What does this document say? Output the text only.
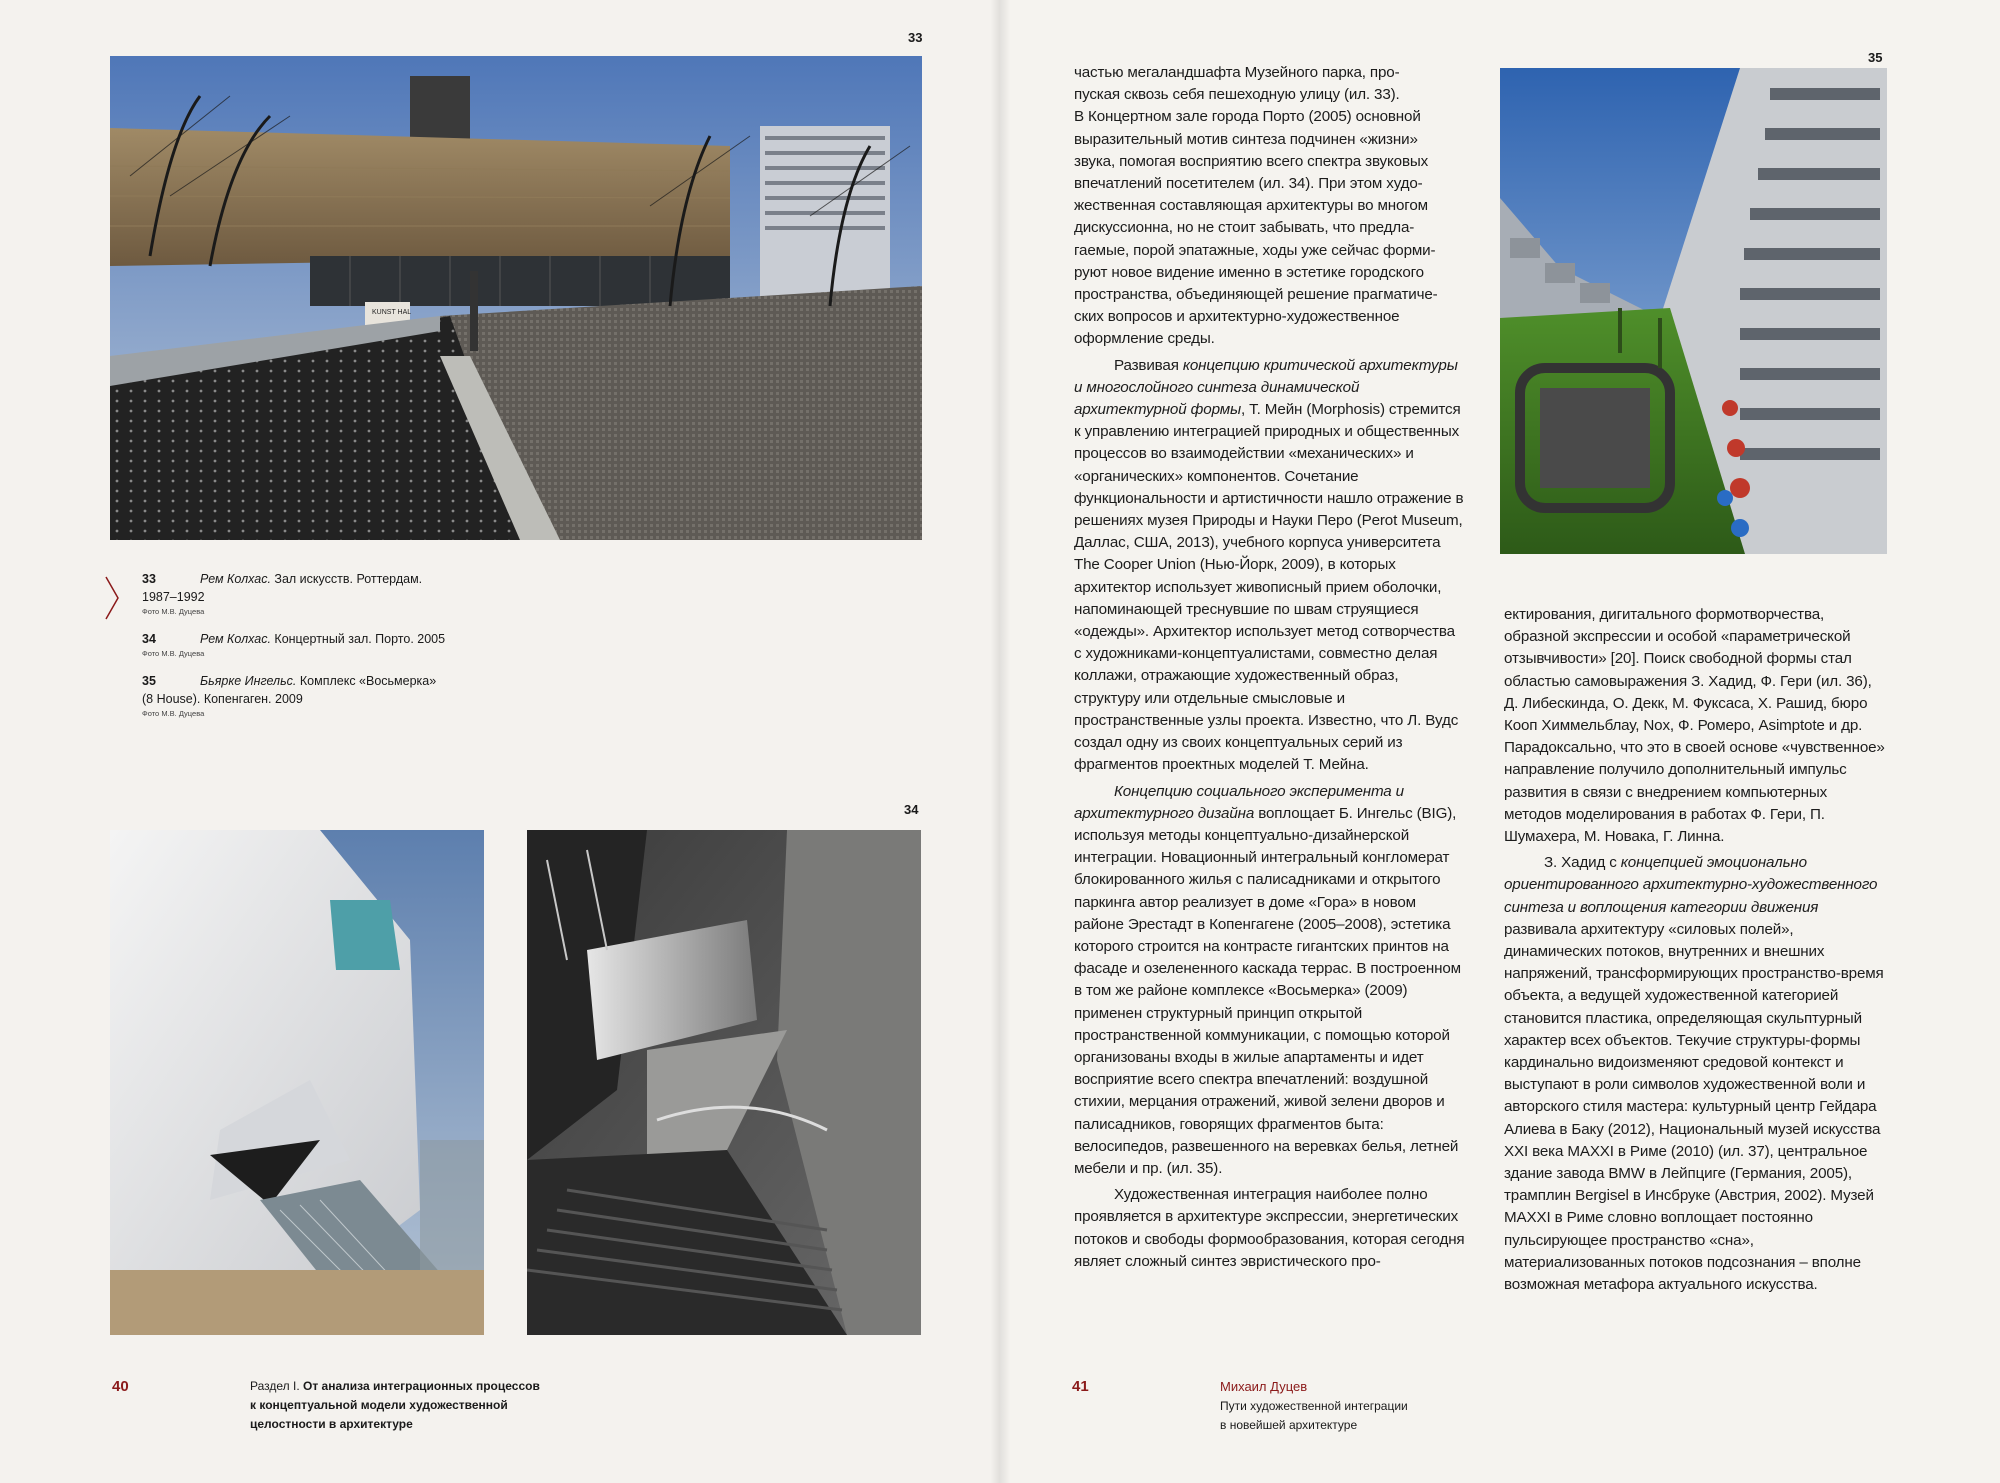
33
KUNST HAL
33	Рем Колхас. Зал искусств. Роттердам.
1987–1992
Фото М.В. Дуцева
34	Рем Колхас. Концертный зал. Порто. 2005
Фото М.В. Дуцева
35	Бьярке Ингельс. Комплекс «Восьмерка»
(8 House). Копенгаген. 2009
Фото М.В. Дуцева
34
40	Раздел I. От анализа интеграционных процессов
к концептуальной модели художественной
целостности в архитектуре

частью мегаландшафта Музейного парка, про-
пуская сквозь себя пешеходную улицу (ил. 33).
В Концертном зале города Порто (2005) основной
выразительный мотив синтеза подчинен «жизни»
звука, помогая восприятию всего спектра звуковых
впечатлений посетителем (ил. 34). При этом худо-
жественная составляющая архитектуры во многом
дискуссионна, но не стоит забывать, что предла-
гаемые, порой эпатажные, ходы уже сейчас форми-
руют новое видение именно в эстетике городского
пространства, объединяющей решение прагматиче-
ских вопросов и архитектурно-художественное
оформление среды.

Развивая концепцию критической архитектуры и многослойного синтеза динамической архитектурной формы, Т. Мейн (Morphosis) стремится к управлению интеграцией природных и общественных процессов во взаимодействии «механических» и «органических» компонентов. Сочетание функциональности и артистичности нашло отражение в решениях музея Природы и Науки Перо (Perot Museum, Даллас, США, 2013), учебного корпуса университета The Cooper Union (Нью-Йорк, 2009), в которых архитектор использует живописный прием оболочки, напоминающей треснувшие по швам струящиеся «одежды». Архитектор использует метод сотворчества с художниками-концептуалистами, совместно делая коллажи, отражающие художественный образ, структуру или отдельные смысловые и пространственные узлы проекта. Известно, что Л. Вудс создал одну из своих концептуальных серий из фрагментов проектных моделей Т. Мейна.

Концепцию социального эксперимента и архитектурного дизайна воплощает Б. Ингельс (BIG), используя методы концептуально-дизайнерской интеграции. Новационный интегральный конгломерат блокированного жилья с палисадниками и открытого паркинга автор реализует в доме «Гора» в новом районе Эрестадт в Копенгагене (2005–2008), эстетика которого строится на контрасте гигантских принтов на фасаде и озелененного каскада террас. В построенном в том же районе комплексе «Восьмерка» (2009) применен структурный принцип открытой пространственной коммуникации, с помощью которой организованы входы в жилые апартаменты и идет восприятие всего спектра впечатлений: воздушной стихии, мерцания отражений, живой зелени дворов и палисадников, говорящих фрагментов быта: велосипедов, развешенного на веревках белья, летней мебели и пр. (ил. 35).

Художественная интеграция наиболее полно проявляется в архитектуре экспрессии, энергетических потоков и свободы формообразования, которая сегодня являет сложный синтез эвристического про-

35

ектирования, дигитального формотворчества, образной экспрессии и особой «параметрической отзывчивости» [20]. Поиск свободной формы стал областью самовыражения З. Хадид, Ф. Гери (ил. 36), Д. Либескинда, О. Декк, М. Фуксаса, Х. Рашид, бюро Кооп Химмельблау, Nox, Ф. Ромеро, Asimptote и др. Парадоксально, что это в своей основе «чувственное» направление получило дополнительный импульс развития в связи с внедрением компьютерных методов моделирования в работах Ф. Гери, П. Шумахера, М. Новака, Г. Линна.

З. Хадид с концепцией эмоционально ориентированного архитектурно-художественного синтеза и воплощения категории движения развивала архитектуру «силовых полей», динамических потоков, внутренних и внешних напряжений, трансформирующих пространство-время объекта, а ведущей художественной категорией становится пластика, определяющая скульптурный характер всех объектов. Текучие структуры-формы кардинально видоизменяют средовой контекст и выступают в роли символов художественной воли и авторского стиля мастера: культурный центр Гейдара Алиева в Баку (2012), Национальный музей искусства XXI века MAXXI в Риме (2010) (ил. 37), центральное здание завода BMW в Лейпциге (Германия, 2005), трамплин Bergisel в Инсбруке (Австрия, 2002). Музей MAXXI в Риме словно воплощает постоянно пульсирующее пространство «сна», материализованных потоков подсознания – вполне возможная метафора актуального искусства.

41	Михаил Дуцев
Пути художественной интеграции
в новейшей архитектуре
